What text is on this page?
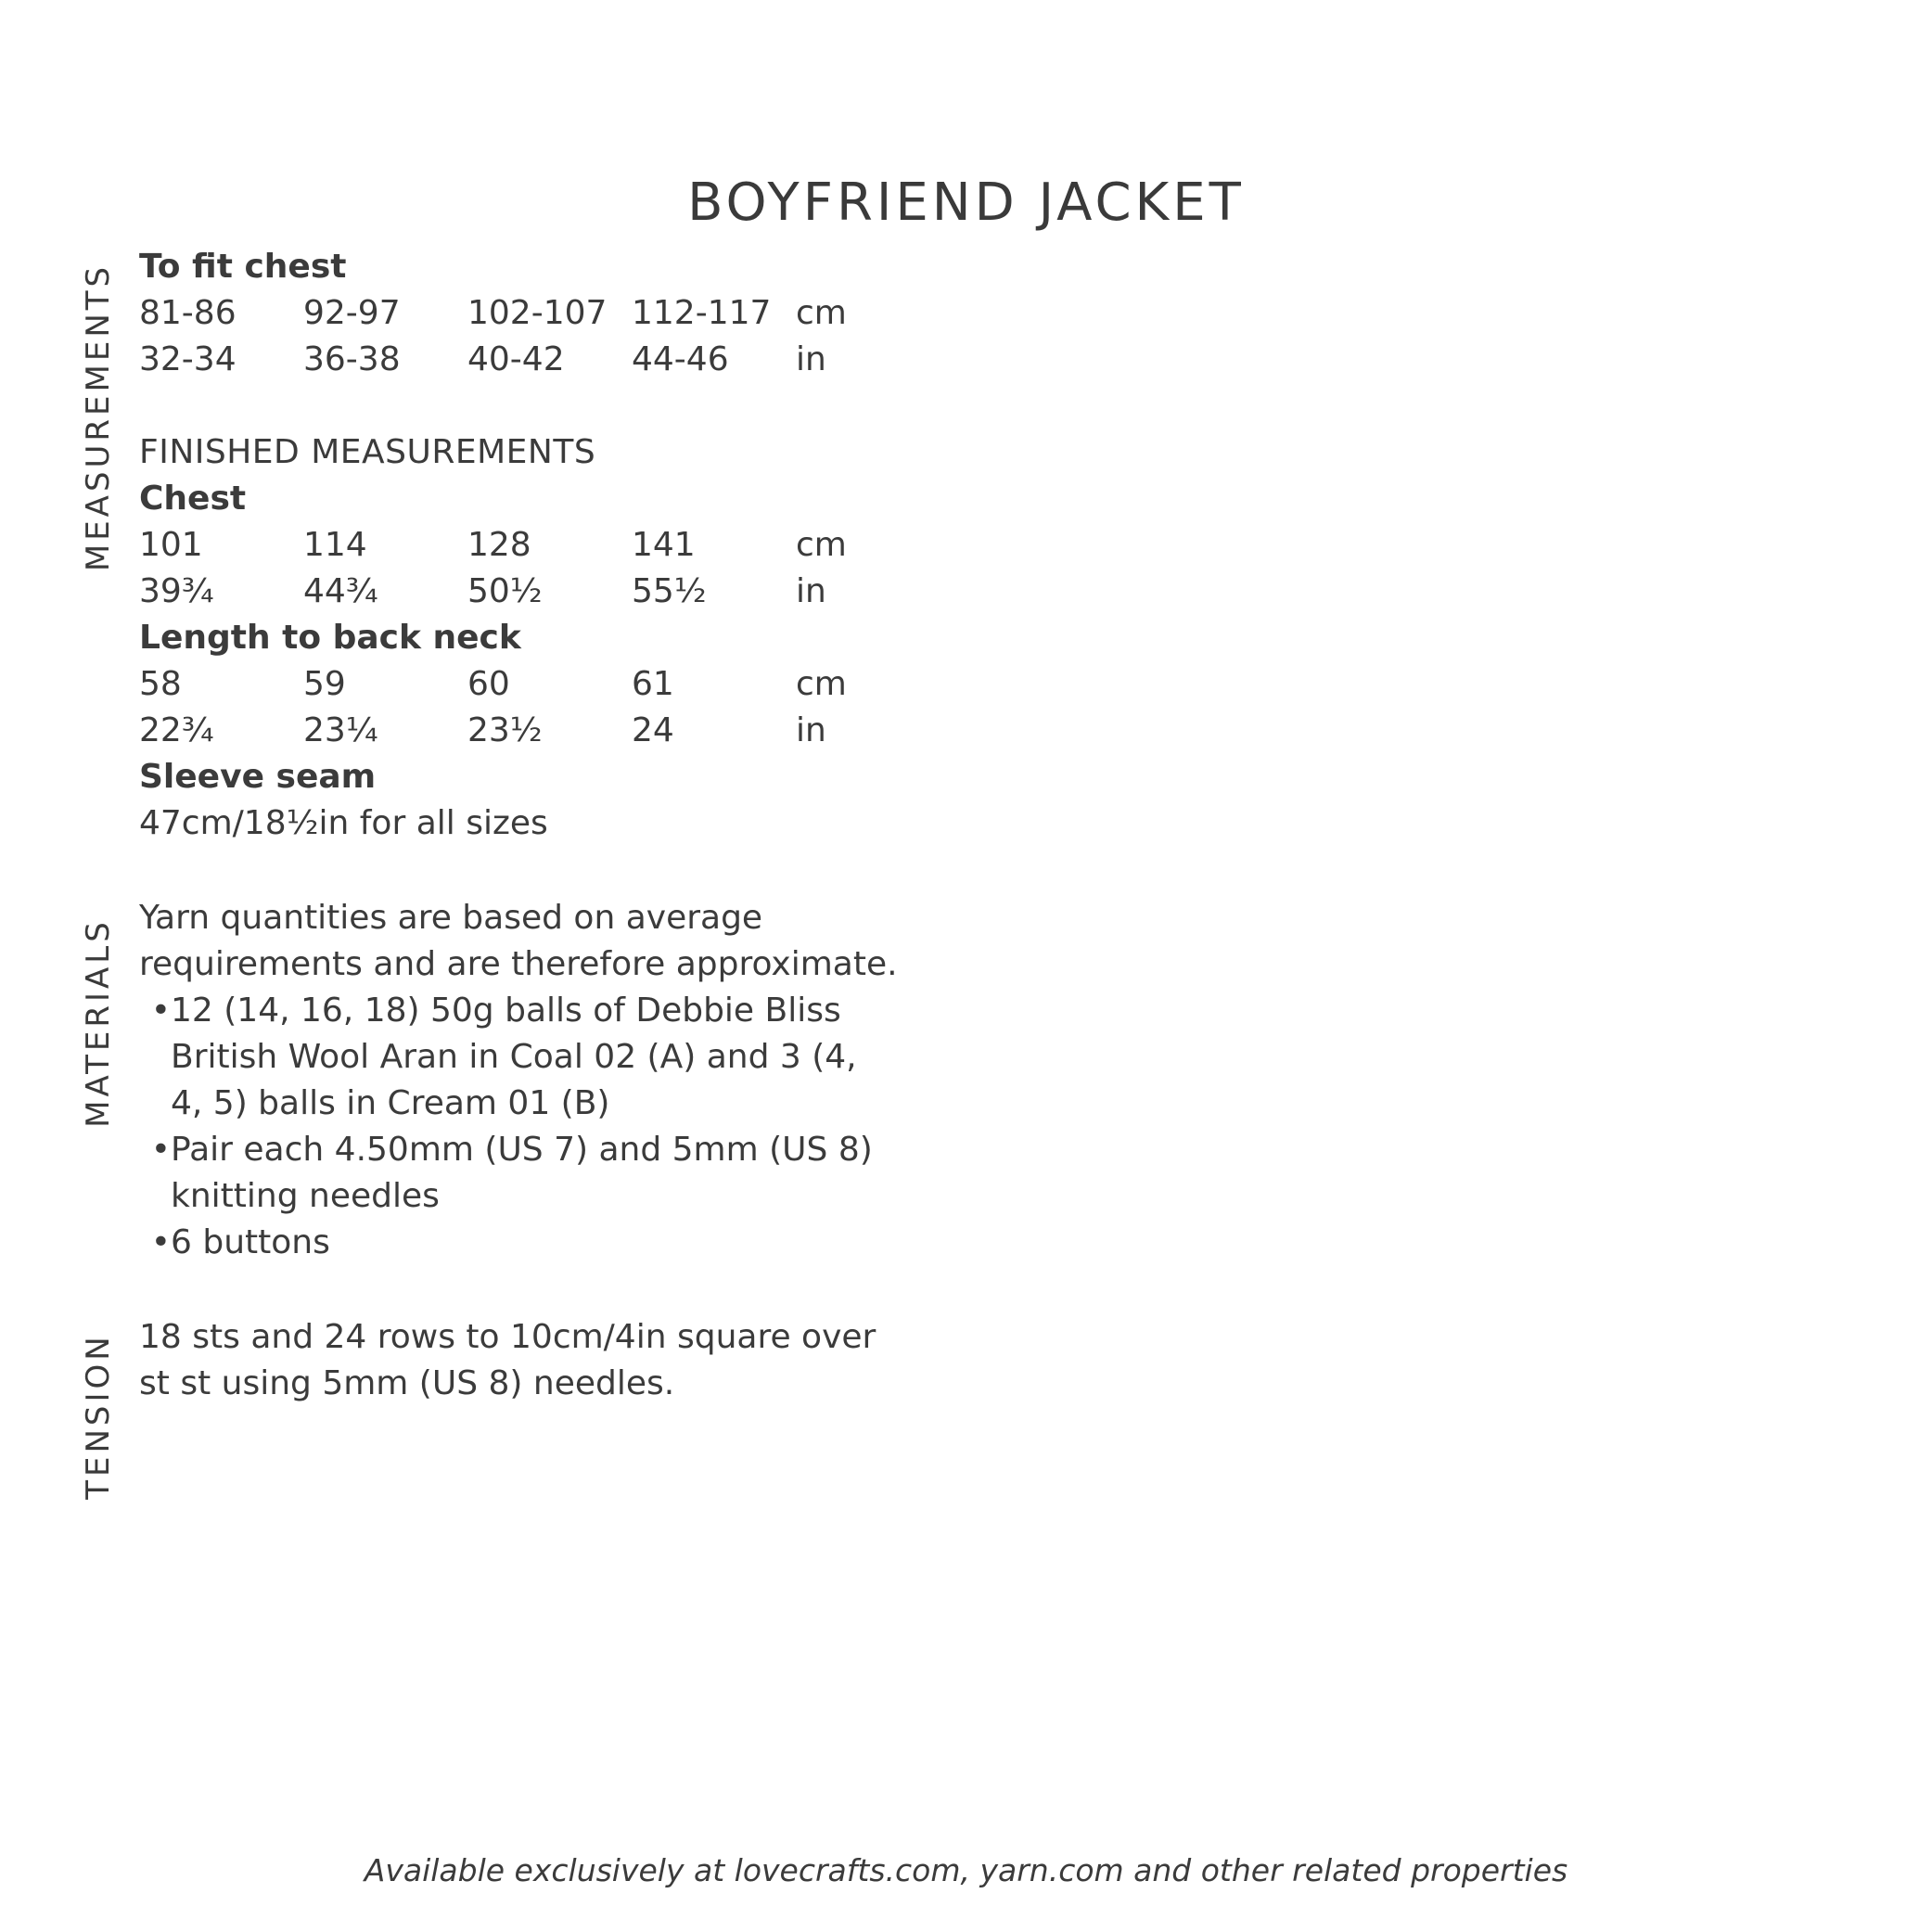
BOYFRIEND JACKET
MEASUREMENTS
MATERIALS
TENSION
To fit chest
81-86	92-97	102-107 112-117 cm
32-34	36-38	40-42	44-46	in
FINISHED MEASUREMENTS
Chest
101	114	128	141	cm
39¾	44¾	50½	55½	in
Length to back neck
58	59	60	61	cm
22¾	23¼	23½	24	in
Sleeve seam
47cm/18½in for all sizes
Yarn quantities are based on average
requirements and are therefore approximate.
• 12 (14, 16, 18) 50g balls of Debbie Bliss
British Wool Aran in Coal 02 (A) and 3 (4,
4, 5) balls in Cream 01 (B)
• Pair each 4.50mm (US 7) and 5mm (US 8)
knitting needles
• 6 buttons
18 sts and 24 rows to 10cm/4in square over
st st using 5mm (US 8) needles.
Available exclusively at lovecrafts.com, yarn.com and other related properties
